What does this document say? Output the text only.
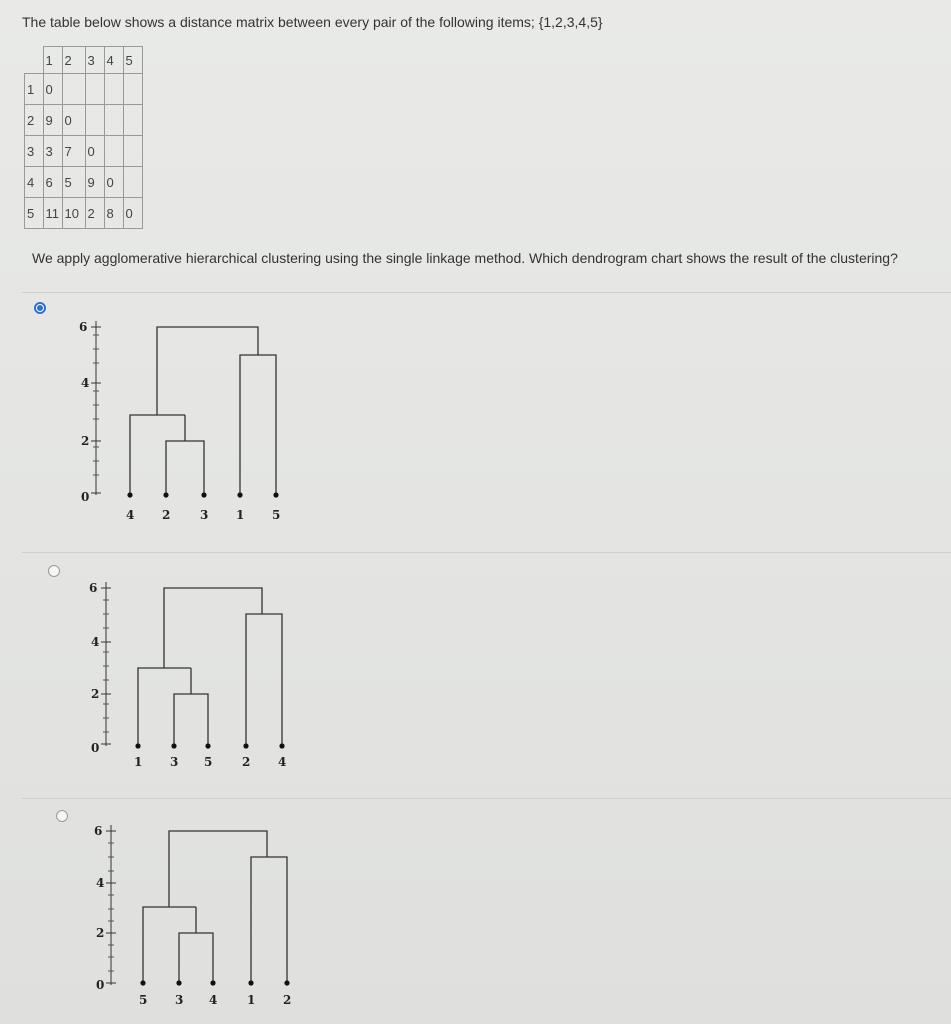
The table below shows a distance matrix between every pair of the following items; {1,2,3,4,5}
	1	2	3	4	5
1	0				
2	9	0			
3	3	7	0		
4	6	5	9	0	
5	11	10	2	8	0
We apply agglomerative hierarchical clustering using the single linkage method. Which dendrogram chart shows the result of the clustering?
6
4
2
0
4 2 3 1 5
6
4
2
0
1 3 5 2 4
6
4
2
0
5 3 4 1 2
